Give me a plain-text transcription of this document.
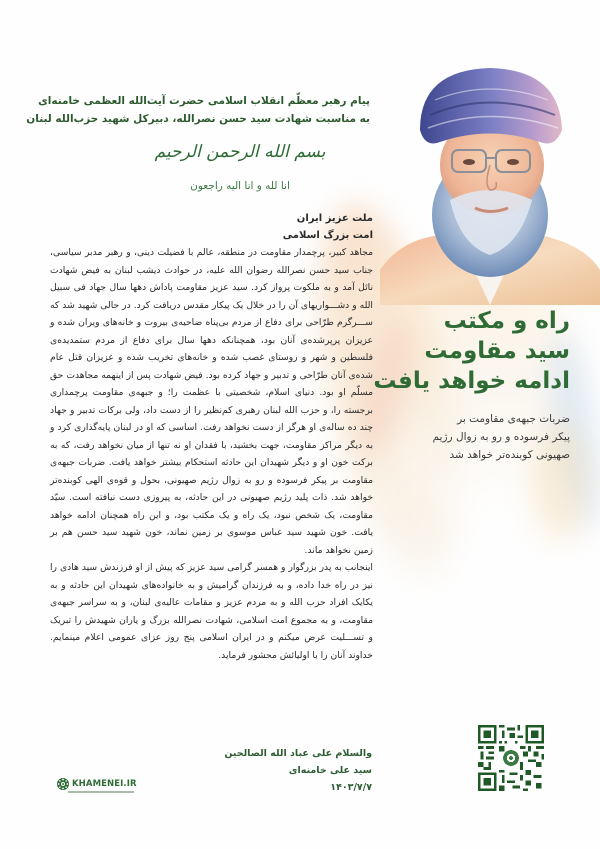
پیام رهبر معظّم انقلاب اسلامی حضرت آیت‌الله العظمی خامنه‌ای
به مناسبت شهادت سید حسن نصرالله، دبیرکل شهید حزب‌الله لبنان
بسم الله الرحمن الرحیم
انا لله و انا الیه راجعون
ملت عزیز ایران
امت بزرگ اسلامی

مجاهد کبیر، پرچمدار مقاومت در منطقه، عالم با فضیلت دینی، و رهبر مدبر سیاسی، جناب سید حسن نصرالله رضوان الله علیه، در حوادث دیشب لبنان به فیض شهادت نائل آمد و به ملکوت پرواز کرد. سید عزیز مقاومت پاداش دهها سال جهاد فی سبیل الله و دشـــواریهای آن را در خلال یک پیکار مقدس دریافت کرد. در حالی شهید شد که ســـرگرم طرّاحی برای دفاع از مردم بی‌پناه ضاحیه‌ی بیروت و خانه‌های ویران شده و عزیزان پرپرشده‌ی آنان بود، همچنانکه دهها سال برای دفاع از مردم ستمدیده‌ی فلسطین و شهر و روستای غصب شده و خانه‌های تخریب شده و عزیزان قتل عام شده‌ی آنان طرّاحی و تدبیر و جهاد کرده بود. فیض شهادت پس از اینهمه مجاهدت حق مسلّم او بود. دنیای اسلام، شخصیتی با عظمت را؛ و جبهه‌ی مقاومت پرچمداری برجسته را، و حزب الله لبنان رهبری کم‌نظیر را از دست داد، ولی برکات تدبیر و جهاد چند ده ساله‌ی او هرگز از دست نخواهد رفت. اساسی که او در لبنان پایه‌گذاری کرد و به دیگر مراکز مقاومت، جهت بخشید، با فقدان او نه تنها از میان نخواهد رفت، که به برکت خون او و دیگر شهیدان این حادثه استحکام بیشتر خواهد یافت. ضربات جبهه‌ی مقاومت بر پیکر فرسوده و رو به زوال رژیم صهیونی، بحول و قوه‌ی الهی کوبنده‌تر خواهد شد. ذات پلید رژیم صهیونی در این حادثه، به پیروزی دست نیافته است. سیّد مقاومت، یک شخص نبود، یک راه و یک مکتب بود، و این راه همچنان ادامه خواهد یافت. خون شهید سید عباس موسوی بر زمین نماند، خون شهید سید حسن هم بر زمین نخواهد ماند.

اینجانب به پدر بزرگوار و همسر گرامی سید عزیز که پیش از او فرزندش سید هادی را نیز در راه خدا داده، و به فرزندان گرامیش و به خانواده‌های شهیدان این حادثه و به یکایک افراد حزب الله و به مردم عزیز و مقامات عالیه‌ی لبنان، و به سراسر جبهه‌ی مقاومت، و به مجموع امت اسلامی، شهادت نصرالله بزرگ و یاران شهیدش را تبریک و تســـلیت عرض میکنم و در ایران اسلامی پنج روز عزای عمومی اعلام مینمایم. خداوند آنان را با اولیائش محشور فرماید.

والسلام علی عباد الله الصالحین
سید علی خامنه‌ای
۱۴۰۳/۷/۷
راه و مکتب
سید مقاومت
ادامه خواهد یافت
ضربات جبهه‌ی مقاومت بر
پیکر فرسوده و رو به زوال رژیم
صهیونی کوبنده‌تر خواهد شد
KHAMENEI.IR
